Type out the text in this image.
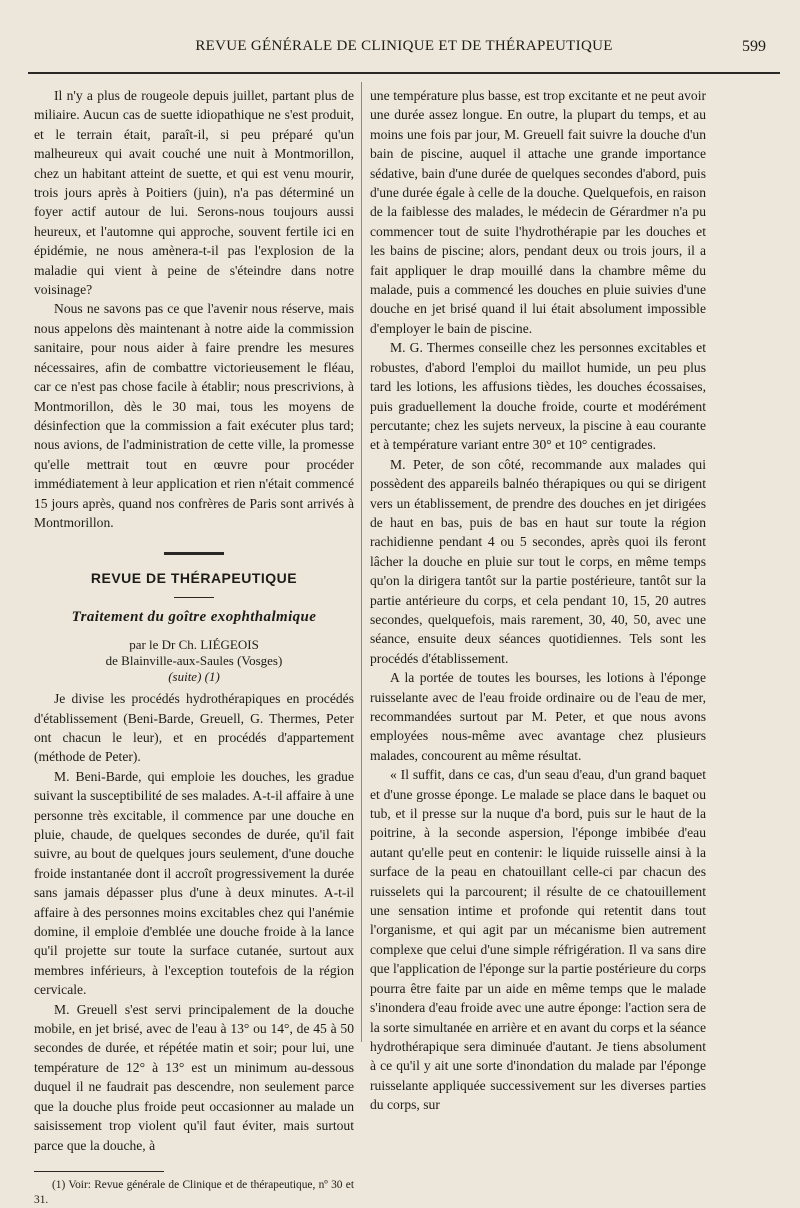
REVUE GÉNÉRALE DE CLINIQUE ET DE THÉRAPEUTIQUE	599

Il n'y a plus de rougeole depuis juillet, partant plus de miliaire. Aucun cas de suette idiopathique ne s'est produit, et le terrain était, paraît-il, si peu préparé qu'un malheureux qui avait couché une nuit à Montmorillon, chez un habitant atteint de suette, et qui est venu mourir, trois jours après à Poitiers (juin), n'a pas déterminé un foyer actif autour de lui. Serons-nous toujours aussi heureux, et l'automne qui approche, souvent fertile ici en épidémie, ne nous amènera-t-il pas l'explosion de la maladie qui vient à peine de s'éteindre dans notre voisinage?

Nous ne savons pas ce que l'avenir nous réserve, mais nous appelons dès maintenant à notre aide la commission sanitaire, pour nous aider à faire prendre les mesures nécessaires, afin de combattre victorieusement le fléau, car ce n'est pas chose facile à établir; nous prescrivions, à Montmorillon, dès le 30 mai, tous les moyens de désinfection que la commission a fait exécuter plus tard; nous avions, de l'administration de cette ville, la promesse qu'elle mettrait tout en œuvre pour procéder immédiatement à leur application et rien n'était commencé 15 jours après, quand nos confrères de Paris sont arrivés à Montmorillon.

REVUE DE THÉRAPEUTIQUE
Traitement du goître exophthalmique
par le Dr Ch. LIÉGEOIS
de Blainville-aux-Saules (Vosges)
(suite) (1)

Je divise les procédés hydrothérapiques en procédés d'établissement (Beni-Barde, Greuell, G. Thermes, Peter ont chacun le leur), et en procédés d'appartement (méthode de Peter).

M. Beni-Barde, qui emploie les douches, les gradue suivant la susceptibilité de ses malades. A-t-il affaire à une personne très excitable, il commence par une douche en pluie, chaude, de quelques secondes de durée, qu'il fait suivre, au bout de quelques jours seulement, d'une douche froide instantanée dont il accroît progressivement la durée sans jamais dépasser plus d'une à deux minutes. A-t-il affaire à des personnes moins excitables chez qui l'anémie domine, il emploie d'emblée une douche froide à la lance qu'il projette sur toute la surface cutanée, surtout aux membres inférieurs, à l'exception toutefois de la région cervicale.

M. Greuell s'est servi principalement de la douche mobile, en jet brisé, avec de l'eau à 13° ou 14°, de 45 à 50 secondes de durée, et répétée matin et soir; pour lui, une température de 12° à 13° est un minimum au-dessous duquel il ne faudrait pas descendre, non seulement parce que la douche plus froide peut occasionner au malade un saisissement trop violent qu'il faut éviter, mais surtout parce que la douche, à

(1) Voir: Revue générale de Clinique et de thérapeutique, nº 30 et 31.

une température plus basse, est trop excitante et ne peut avoir une durée assez longue. En outre, la plupart du temps, et au moins une fois par jour, M. Greuell fait suivre la douche d'un bain de piscine, auquel il attache une grande importance sédative, bain d'une durée de quelques secondes d'abord, puis d'une durée égale à celle de la douche. Quelquefois, en raison de la faiblesse des malades, le médecin de Gérardmer n'a pu commencer tout de suite l'hydrothérapie par les douches et les bains de piscine; alors, pendant deux ou trois jours, il a fait appliquer le drap mouillé dans la chambre même du malade, puis a commencé les douches en pluie suivies d'une douche en jet brisé quand il lui était absolument impossible d'employer le bain de piscine.

M. G. Thermes conseille chez les personnes excitables et robustes, d'abord l'emploi du maillot humide, un peu plus tard les lotions, les affusions tièdes, les douches écossaises, puis graduellement la douche froide, courte et modérément percutante; chez les sujets nerveux, la piscine à eau courante et à température variant entre 30° et 10° centigrades.

M. Peter, de son côté, recommande aux malades qui possèdent des appareils balnéo thérapiques ou qui se dirigent vers un établissement, de prendre des douches en jet dirigées de haut en bas, puis de bas en haut sur toute la région rachidienne pendant 4 ou 5 secondes, après quoi ils feront lâcher la douche en pluie sur tout le corps, en même temps qu'on la dirigera tantôt sur la partie postérieure, tantôt sur la partie antérieure du corps, et cela pendant 10, 15, 20 autres secondes, quelquefois, mais rarement, 30, 40, 50, avec une séance, ensuite deux séances quotidiennes. Tels sont les procédés d'établissement.

A la portée de toutes les bourses, les lotions à l'éponge ruisselante avec de l'eau froide ordinaire ou de l'eau de mer, recommandées surtout par M. Peter, et que nous avons employées nous-même avec avantage chez plusieurs malades, concourent au même résultat.

« Il suffit, dans ce cas, d'un seau d'eau, d'un grand baquet et d'une grosse éponge. Le malade se place dans le baquet ou tub, et il presse sur la nuque d'a bord, puis sur le haut de la poitrine, à la seconde aspersion, l'éponge imbibée d'eau autant qu'elle peut en contenir: le liquide ruisselle ainsi à la surface de la peau en chatouillant celle-ci par chacun des ruisselets qui la parcourent; il résulte de ce chatouillement une sensation intime et profonde qui retentit dans tout l'organisme, et qui agit par un mécanisme bien autrement complexe que celui d'une simple réfrigération. Il va sans dire que l'application de l'éponge sur la partie postérieure du corps pourra être faite par un aide en même temps que le malade s'inondera d'eau froide avec une autre éponge: l'action sera de la sorte simultanée en arrière et en avant du corps et la séance hydrothérapique sera diminuée d'autant. Je tiens absolument à ce qu'il y ait une sorte d'inondation du malade par l'éponge ruisselante appliquée successivement sur les diverses parties du corps, sur
